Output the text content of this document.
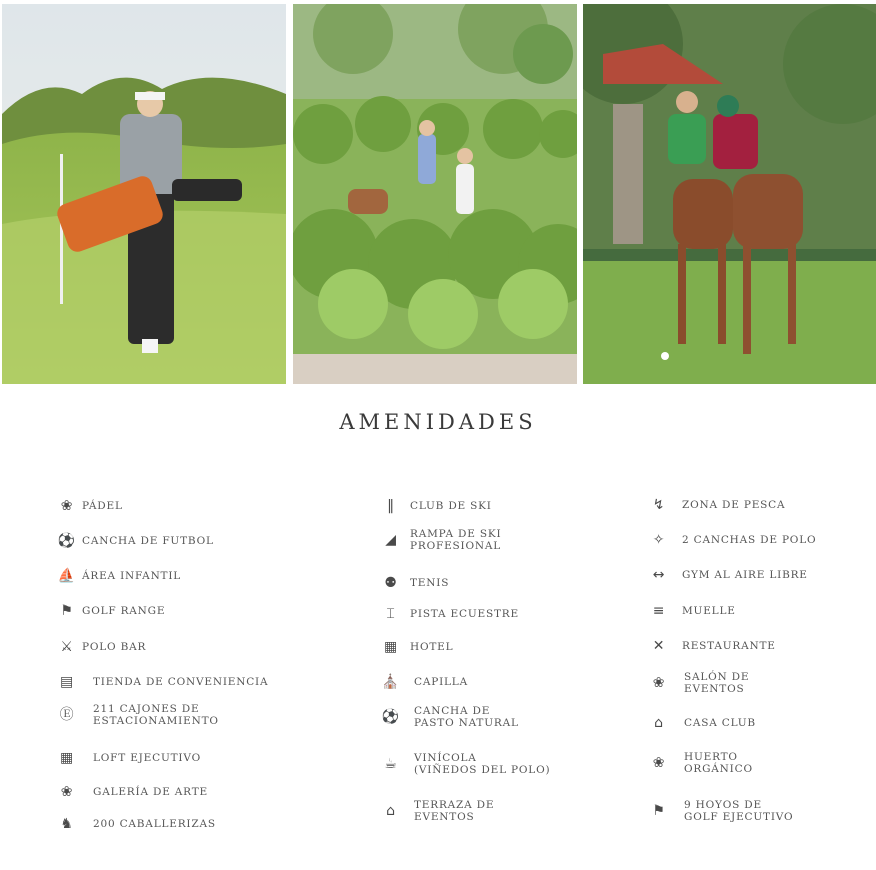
AMENIDADES
❀ PÁDEL
⚽ CANCHA DE FUTBOL
⛵ ÁREA INFANTIL
⚑ GOLF RANGE
⚔ POLO BAR
▤	TIENDA DE CONVENIENCIA
Ⓔ	211 CAJONES DE
ESTACIONAMIENTO
▦	LOFT EJECUTIVO
❀	GALERÍA DE ARTE
♞	200 CABALLERIZAS
‖	CLUB DE SKI
◢	RAMPA DE SKI
PROFESIONAL
⚉	TENIS
⌶	PISTA ECUESTRE
▦	HOTEL
⛪ CAPILLA
⚽ CANCHA DE
PASTO NATURAL
☕	VINÍCOLA
(VIÑEDOS DEL POLO)
⌂	TERRAZA DE
EVENTOS
↯	ZONA DE PESCA
✧	2 CANCHAS DE POLO
↔	GYM AL AIRE LIBRE
≡	MUELLE
✕	RESTAURANTE
❀	SALÓN DE
EVENTOS
⌂	CASA CLUB
❀	HUERTO
ORGÁNICO
⚑	9 HOYOS DE
GOLF EJECUTIVO
